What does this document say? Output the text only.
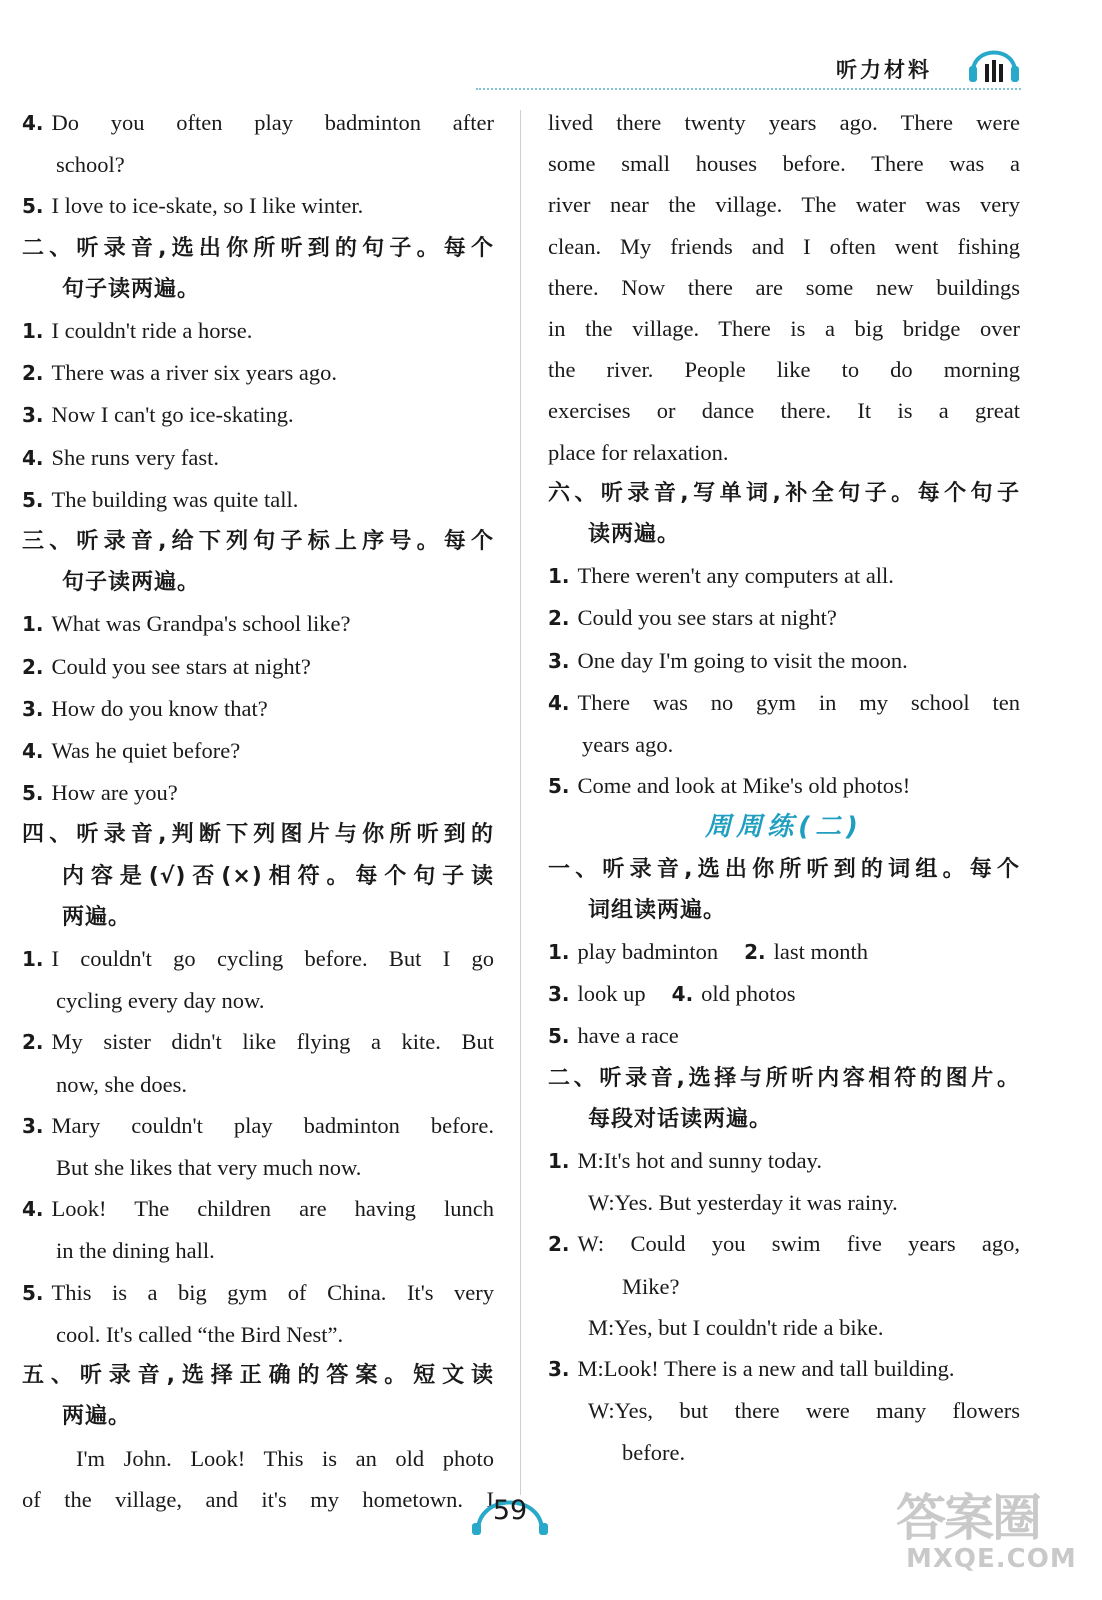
听力材料
4. Do you often play badminton after
school?
5. I love to ice-skate, so I like winter.
二、听录音,选出你所听到的句子。每个
句子读两遍。
1. I couldn't ride a horse.
2. There was a river six years ago.
3. Now I can't go ice-skating.
4. She runs very fast.
5. The building was quite tall.
三、听录音,给下列句子标上序号。每个
句子读两遍。
1. What was Grandpa's school like?
2. Could you see stars at night?
3. How do you know that?
4. Was he quiet before?
5. How are you?
四、听录音,判断下列图片与你所听到的
内容是(√)否(×)相符。每个句子读
两遍。
1. I couldn't go cycling before. But I go
cycling every day now.
2. My sister didn't like flying a kite. But
now, she does.
3. Mary couldn't play badminton before.
But she likes that very much now.
4. Look! The children are having lunch
in the dining hall.
5. This is a big gym of China. It's very
cool. It's called “the Bird Nest”.
五、听录音,选择正确的答案。短文读
两遍。
I'm John. Look! This is an old photo
of the village, and it's my hometown. I
lived there twenty years ago. There were
some small houses before. There was a
river near the village. The water was very
clean. My friends and I often went fishing
there. Now there are some new buildings
in the village. There is a big bridge over
the river. People like to do morning
exercises or dance there. It is a great
place for relaxation.
六、听录音,写单词,补全句子。每个句子
读两遍。
1. There weren't any computers at all.
2. Could you see stars at night?
3. One day I'm going to visit the moon.
4. There was no gym in my school ten
years ago.
5. Come and look at Mike's old photos!
周周练(二)
一、听录音,选出你所听到的词组。每个
词组读两遍。
1. play badminton 2. last month
3. look up 4. old photos
5. have a race
二、听录音,选择与所听内容相符的图片。
每段对话读两遍。
1. M:It's hot and sunny today.
W:Yes. But yesterday it was rainy.
2. W: Could you swim five years ago,
Mike?
M:Yes, but I couldn't ride a bike.
3. M:Look! There is a new and tall building.
W:Yes, but there were many flowers
before.
59	答案圈
MXQE.COM
